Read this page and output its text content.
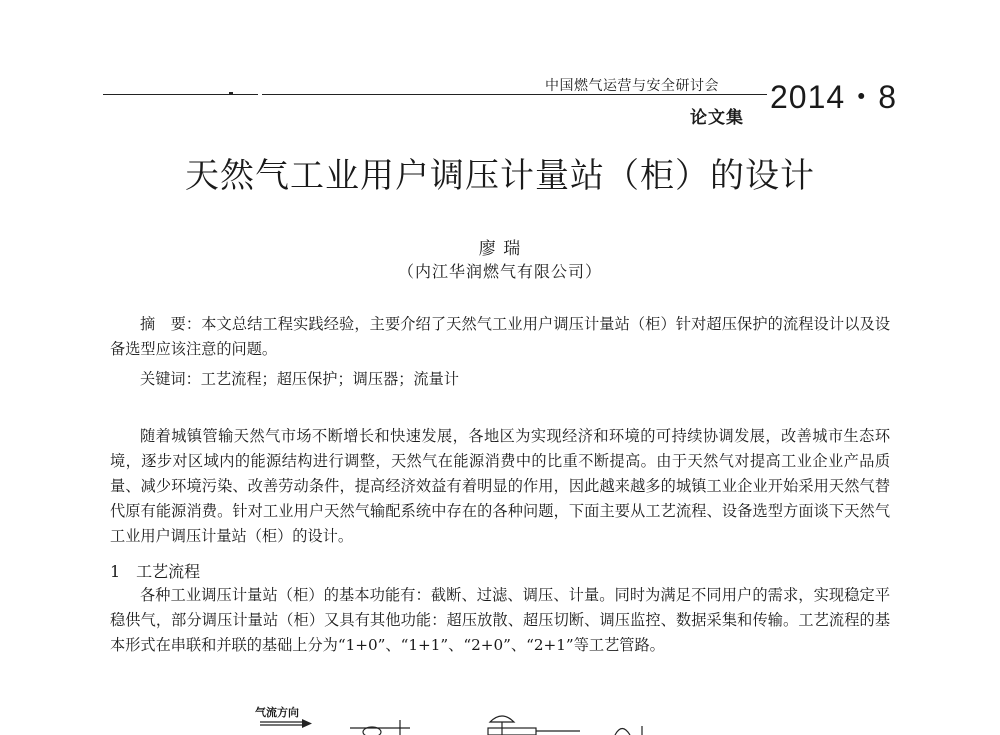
中国燃气运营与安全研讨会
论文集
2014・8
天然气工业用户调压计量站（柜）的设计
廖 瑞
（内江华润燃气有限公司）
摘　要：本文总结工程实践经验，主要介绍了天然气工业用户调压计量站（柜）针对超压保护的流程设计以及设备选型应该注意的问题。
关键词：工艺流程；超压保护；调压器；流量计
随着城镇管输天然气市场不断增长和快速发展，各地区为实现经济和环境的可持续协调发展，改善城市生态环境，逐步对区域内的能源结构进行调整，天然气在能源消费中的比重不断提高。由于天然气对提高工业企业产品质量、减少环境污染、改善劳动条件，提高经济效益有着明显的作用，因此越来越多的城镇工业企业开始采用天然气替代原有能源消费。针对工业用户天然气输配系统中存在的各种问题，下面主要从工艺流程、设备选型方面谈下天然气工业用户调压计量站（柜）的设计。
1　工艺流程
各种工业调压计量站（柜）的基本功能有：截断、过滤、调压、计量。同时为满足不同用户的需求，实现稳定平稳供气，部分调压计量站（柜）又具有其他功能：超压放散、超压切断、调压监控、数据采集和传输。工艺流程的基本形式在串联和并联的基础上分为“1+0”、“1+1”、“2+0”、“2+1”等工艺管路。
气流方向
